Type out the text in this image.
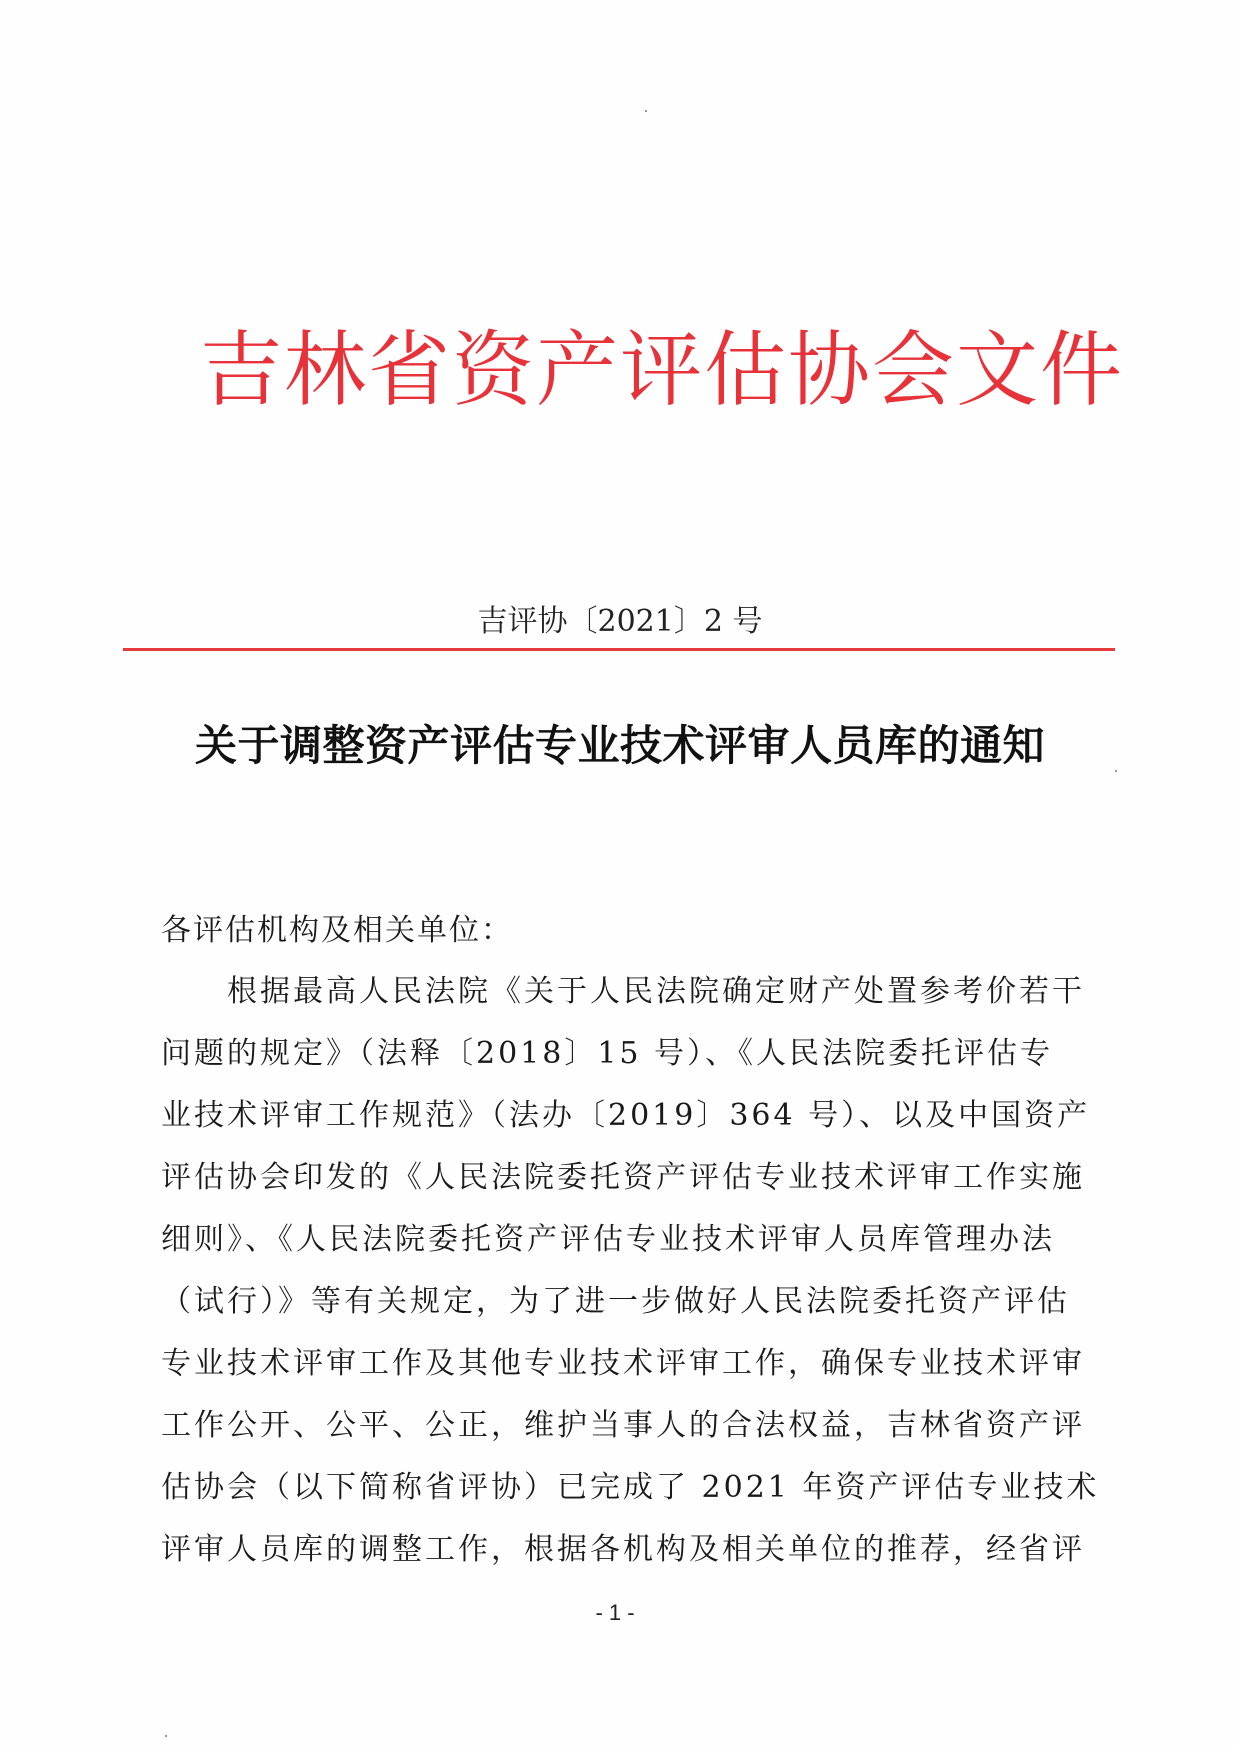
吉林省资产评估协会文件
吉评协〔2021〕2 号
关于调整资产评估专业技术评审人员库的通知
各评估机构及相关单位：
　　根据最高人民法院《关于人民法院确定财产处置参考价若干
问题的规定》（法释〔2018〕15 号）、《人民法院委托评估专
业技术评审工作规范》（法办〔2019〕364 号）、以及中国资产
评估协会印发的《人民法院委托资产评估专业技术评审工作实施
细则》、《人民法院委托资产评估专业技术评审人员库管理办法
（试行）》等有关规定，为了进一步做好人民法院委托资产评估
专业技术评审工作及其他专业技术评审工作，确保专业技术评审
工作公开、公平、公正，维护当事人的合法权益，吉林省资产评
估协会（以下简称省评协）已完成了 2021 年资产评估专业技术
评审人员库的调整工作，根据各机构及相关单位的推荐，经省评
- 1 -
